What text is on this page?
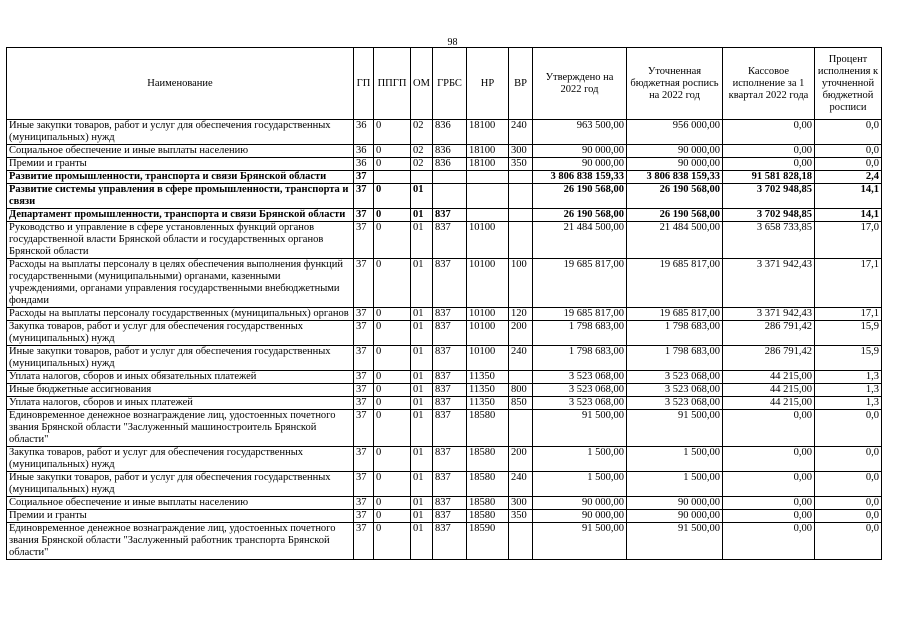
98
Наименование	ГП	ППГП	ОМ	ГРБС	НР	ВР	Утверждено на 2022 год	Уточненная бюджетная роспись на 2022 год	Кассовое исполнение за 1 квартал 2022 года	Процент исполнения к уточненной бюджетной росписи
Иные закупки товаров, работ и услуг для обеспечения государственных (муниципальных) нужд	36	0	02	836	18100	240	963 500,00	956 000,00	0,00	0,0
Социальное обеспечение и иные выплаты населению	36	0	02	836	18100	300	90 000,00	90 000,00	0,00	0,0
Премии и гранты	36	0	02	836	18100	350	90 000,00	90 000,00	0,00	0,0
Развитие промышленности, транспорта и связи Брянской области	37						3 806 838 159,33	3 806 838 159,33	91 581 828,18	2,4
Развитие системы управления в сфере промышленности, транспорта и связи	37	0	01				26 190 568,00	26 190 568,00	3 702 948,85	14,1
Департамент промышленности, транспорта и связи Брянской области	37	0	01	837			26 190 568,00	26 190 568,00	3 702 948,85	14,1
Руководство и управление в сфере установленных функций органов государственной власти Брянской области и государственных органов Брянской области	37	0	01	837	10100		21 484 500,00	21 484 500,00	3 658 733,85	17,0
Расходы на выплаты персоналу в целях обеспечения выполнения функций государственными (муниципальными) органами, казенными учреждениями, органами управления государственными внебюджетными фондами	37	0	01	837	10100	100	19 685 817,00	19 685 817,00	3 371 942,43	17,1
Расходы на выплаты персоналу государственных (муниципальных) органов	37	0	01	837	10100	120	19 685 817,00	19 685 817,00	3 371 942,43	17,1
Закупка товаров, работ и услуг для обеспечения государственных (муниципальных) нужд	37	0	01	837	10100	200	1 798 683,00	1 798 683,00	286 791,42	15,9
Иные закупки товаров, работ и услуг для обеспечения государственных (муниципальных) нужд	37	0	01	837	10100	240	1 798 683,00	1 798 683,00	286 791,42	15,9
Уплата налогов, сборов и иных обязательных платежей	37	0	01	837	11350		3 523 068,00	3 523 068,00	44 215,00	1,3
Иные бюджетные ассигнования	37	0	01	837	11350	800	3 523 068,00	3 523 068,00	44 215,00	1,3
Уплата налогов, сборов и иных платежей	37	0	01	837	11350	850	3 523 068,00	3 523 068,00	44 215,00	1,3
Единовременное денежное вознаграждение лиц, удостоенных почетного звания Брянской области "Заслуженный машиностроитель Брянской области"	37	0	01	837	18580		91 500,00	91 500,00	0,00	0,0
Закупка товаров, работ и услуг для обеспечения государственных (муниципальных) нужд	37	0	01	837	18580	200	1 500,00	1 500,00	0,00	0,0
Иные закупки товаров, работ и услуг для обеспечения государственных (муниципальных) нужд	37	0	01	837	18580	240	1 500,00	1 500,00	0,00	0,0
Социальное обеспечение и иные выплаты населению	37	0	01	837	18580	300	90 000,00	90 000,00	0,00	0,0
Премии и гранты	37	0	01	837	18580	350	90 000,00	90 000,00	0,00	0,0
Единовременное денежное вознаграждение лиц, удостоенных почетного звания Брянской области "Заслуженный работник транспорта Брянской области"	37	0	01	837	18590		91 500,00	91 500,00	0,00	0,0
